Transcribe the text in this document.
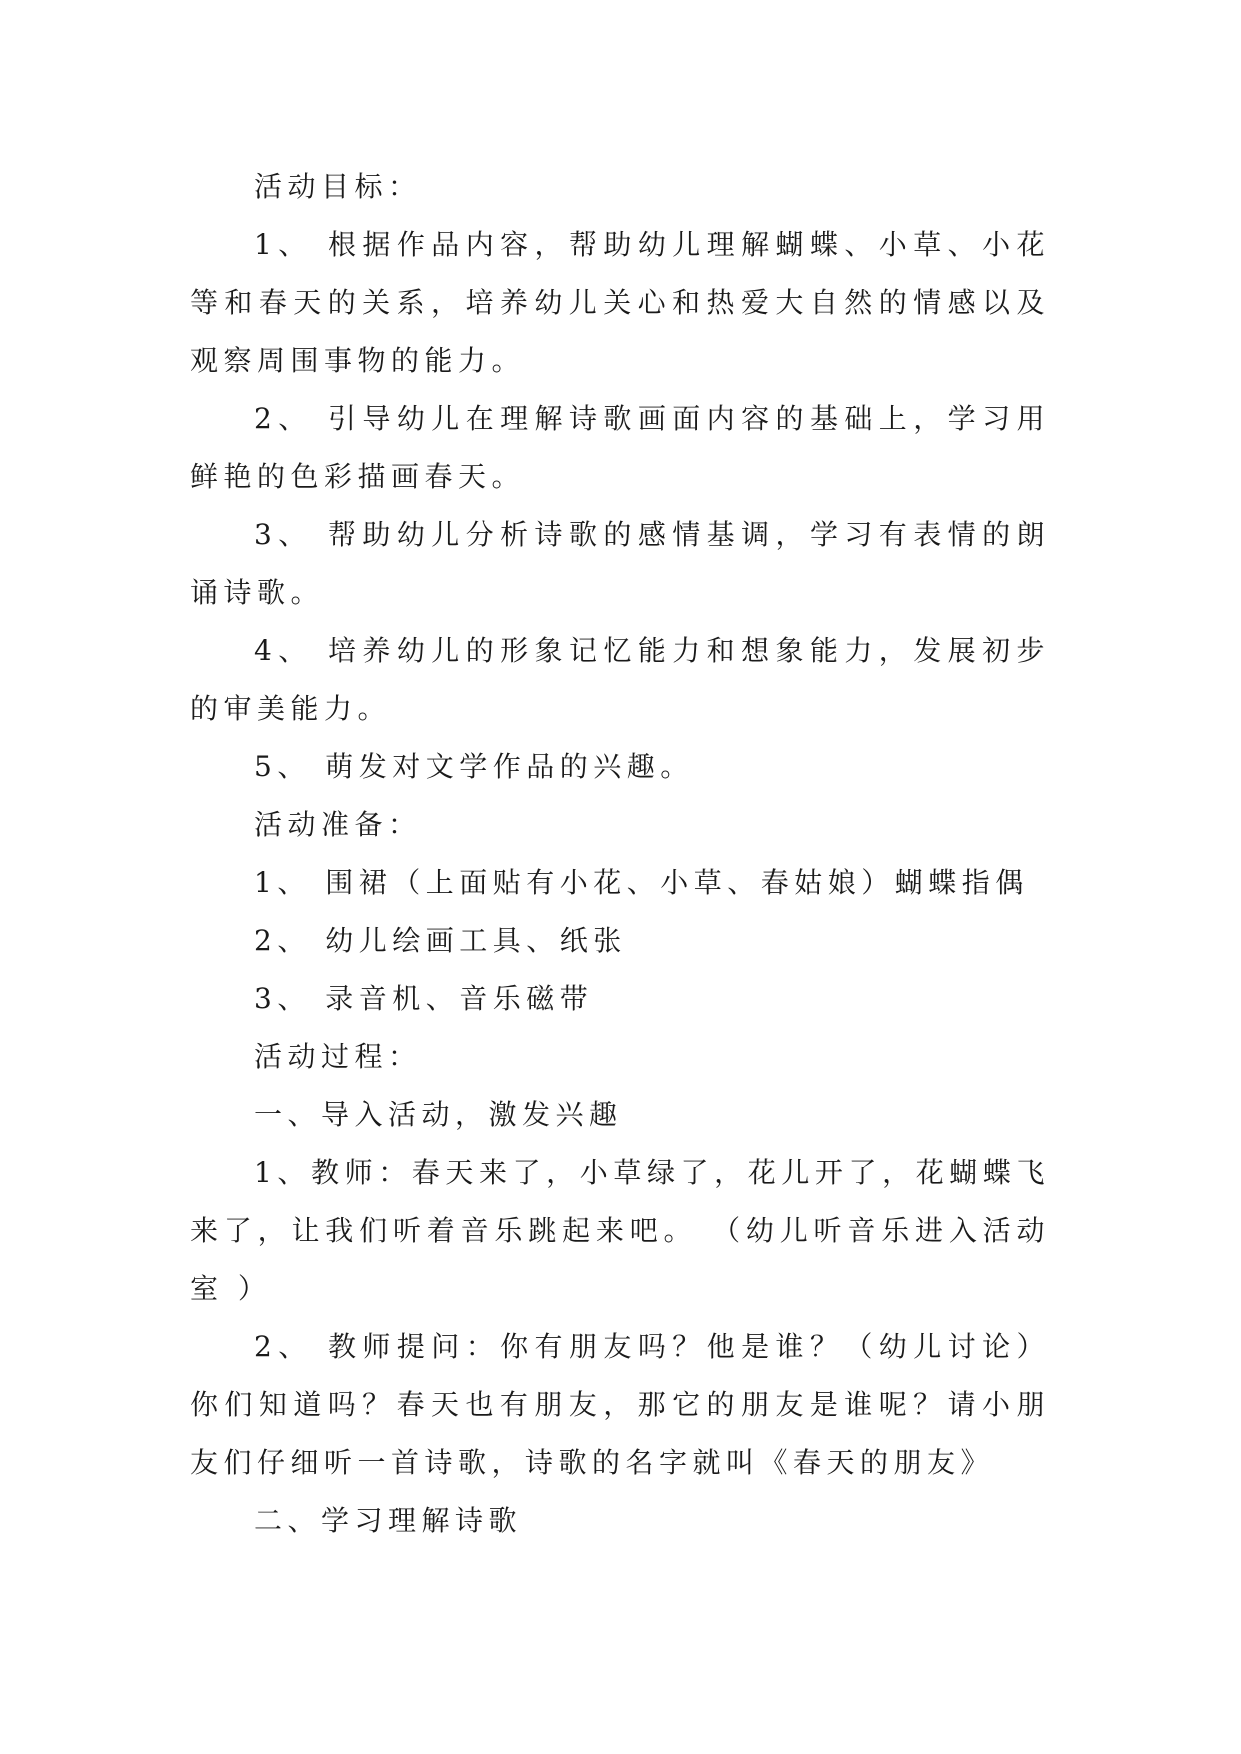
活动目标：

1、 根据作品内容，帮助幼儿理解蝴蝶、小草、小花等和春天的关系，培养幼儿关心和热爱大自然的情感以及观察周围事物的能力。

2、 引导幼儿在理解诗歌画面内容的基础上，学习用鲜艳的色彩描画春天。

3、 帮助幼儿分析诗歌的感情基调，学习有表情的朗诵诗歌。

4、 培养幼儿的形象记忆能力和想象能力，发展初步的审美能力。

5、 萌发对文学作品的兴趣。

活动准备：

1、 围裙（上面贴有小花、小草、春姑娘）蝴蝶指偶

2、 幼儿绘画工具、纸张

3、 录音机、音乐磁带

活动过程：

一、导入活动，激发兴趣

1、教师：春天来了，小草绿了，花儿开了，花蝴蝶飞来了，让我们听着音乐跳起来吧。 （幼儿听音乐进入活动室 ）

2、 教师提问：你有朋友吗？他是谁？（幼儿讨论）你们知道吗？春天也有朋友，那它的朋友是谁呢？请小朋友们仔细听一首诗歌，诗歌的名字就叫《春天的朋友》

二、学习理解诗歌
